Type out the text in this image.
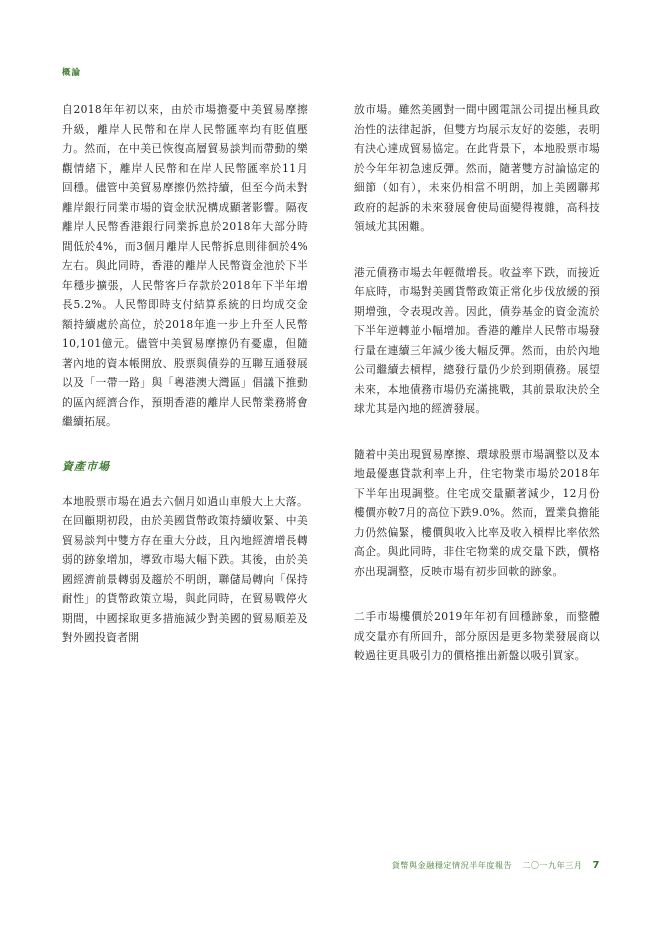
概論

自2018年年初以來，由於市場擔憂中美貿易摩擦升級，離岸人民幣和在岸人民幣匯率均有貶值壓力。然而，在中美已恢復高層貿易談判而帶動的樂觀情緒下，離岸人民幣和在岸人民幣匯率於11月回穩。儘管中美貿易摩擦仍然持續，但至今尚未對離岸銀行同業市場的資金狀況構成顯著影響。隔夜離岸人民幣香港銀行同業拆息於2018年大部分時間低於4%，而3個月離岸人民幣拆息則徘徊於4%左右。與此同時，香港的離岸人民幣資金池於下半年穩步擴張，人民幣客戶存款於2018年下半年增長5.2%。人民幣即時支付結算系統的日均成交金額持續處於高位，於2018年進一步上升至人民幣10,101億元。儘管中美貿易摩擦仍有憂慮，但隨著內地的資本帳開放、股票與債券的互聯互通發展以及「一帶一路」與「粵港澳大灣區」倡議下推動的區內經濟合作，預期香港的離岸人民幣業務將會繼續拓展。

資產市場

本地股票市場在過去六個月如過山車般大上大落。在回顧期初段，由於美國貨幣政策持續收緊、中美貿易談判中雙方存在重大分歧，且內地經濟增長轉弱的跡象增加，導致市場大幅下跌。其後，由於美國經濟前景轉弱及趨於不明朗，聯儲局轉向「保持耐性」的貨幣政策立場，與此同時，在貿易戰停火期間，中國採取更多措施減少對美國的貿易順差及對外國投資者開

放市場。雖然美國對一間中國電訊公司提出極具政治性的法律起訴，但雙方均展示友好的姿態，表明有決心達成貿易協定。在此背景下，本地股票市場於今年年初急速反彈。然而，隨著雙方討論協定的細節（如有），未來仍相當不明朗，加上美國聯邦政府的起訴的未來發展會使局面變得複雜，高科技領域尤其困難。

港元債務市場去年輕微增長。收益率下跌，而接近年底時，市場對美國貨幣政策正常化步伐放緩的預期增強，令表現改善。因此，債券基金的資金流於下半年逆轉並小幅增加。香港的離岸人民幣市場發行量在連續三年減少後大幅反彈。然而，由於內地公司繼續去槓桿，總發行量仍少於到期債務。展望未來，本地債務市場仍充滿挑戰，其前景取決於全球尤其是內地的經濟發展。

隨着中美出現貿易摩擦、環球股票市場調整以及本地最優惠貸款利率上升，住宅物業市場於2018年下半年出現調整。住宅成交量顯著減少，12月份樓價亦較7月的高位下跌9.0%。然而，置業負擔能力仍然偏緊，樓價與收入比率及收入槓桿比率依然高企。與此同時，非住宅物業的成交量下跌，價格亦出現調整，反映市場有初步回軟的跡象。

二手市場樓價於2019年年初有回穩跡象，而整體成交量亦有所回升，部分原因是更多物業發展商以較過往更具吸引力的價格推出新盤以吸引買家。

貨幣與金融穩定情況半年度報告 二〇一九年三月 7
